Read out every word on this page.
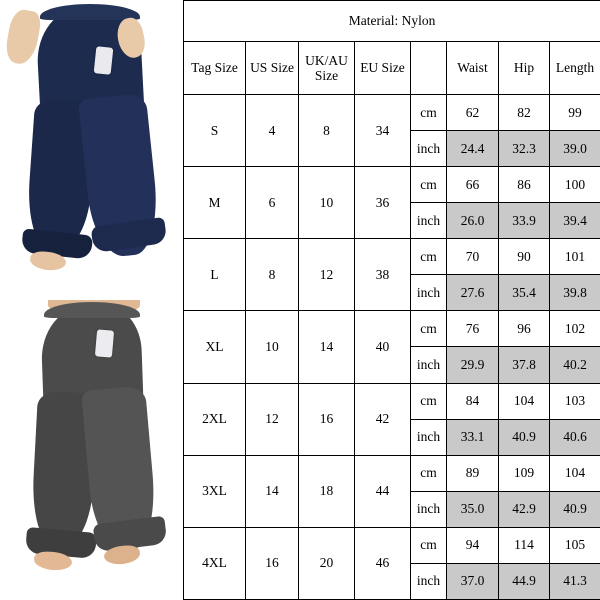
Material: Nylon							
Tag Size	US Size	UK/AU Size	EU Size		Waist	Hip	Length
S	4	8	34	cm	62	82	99
				inch	24.4	32.3	39.0
M	6	10	36	cm	66	86	100
				inch	26.0	33.9	39.4
L	8	12	38	cm	70	90	101
				inch	27.6	35.4	39.8
XL	10	14	40	cm	76	96	102
				inch	29.9	37.8	40.2
2XL	12	16	42	cm	84	104	103
				inch	33.1	40.9	40.6
3XL	14	18	44	cm	89	109	104
				inch	35.0	42.9	40.9
4XL	16	20	46	cm	94	114	105
				inch	37.0	44.9	41.3
